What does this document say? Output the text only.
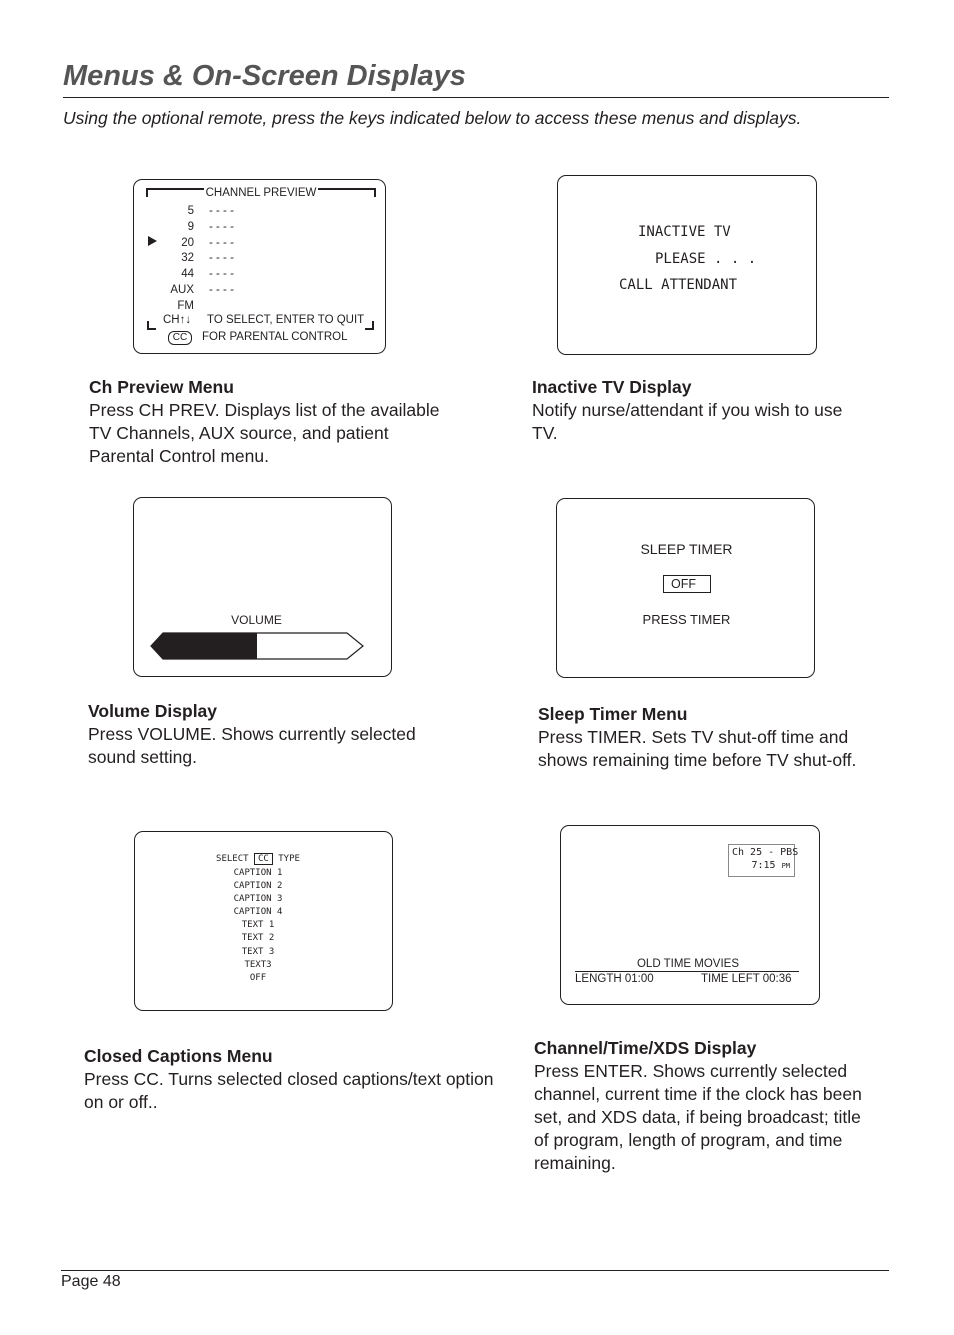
Menus & On-Screen Displays
Using the optional remote, press the keys indicated below to access these menus and displays.
CHANNEL PREVIEW
5
9
20
32
44
AUX
FM
- - - -
- - - -
- - - -
- - - -
- - - -
- - - -
CH↑↓ TO SELECT, ENTER TO QUIT
CC	FOR PARENTAL CONTROL
Ch Preview Menu
Press CH PREV. Displays list of the available
TV Channels, AUX source, and patient
Parental Control menu.
INACTIVE TV
PLEASE . . .
CALL ATTENDANT
Inactive TV Display
Notify nurse/attendant if you wish to use
TV.
VOLUME
Volume Display
Press VOLUME. Shows currently selected
sound setting.
SLEEP TIMER
OFF
PRESS TIMER
Sleep Timer Menu
Press TIMER. Sets TV shut-off time and
shows remaining time before TV shut-off.
SELECT CC TYPE
CAPTION 1
CAPTION 2
CAPTION 3
CAPTION 4
TEXT 1
TEXT 2
TEXT 3
TEXT3
OFF
Closed Captions Menu
Press CC. Turns selected closed captions/text option
on or off..
Ch 25 - PBS
7:15 PM
OLD TIME MOVIES
LENGTH 01:00	TIME LEFT 00:36
Channel/Time/XDS Display
Press ENTER. Shows currently selected
channel, current time if the clock has been
set, and XDS data, if being broadcast; title
of program, length of program, and time
remaining.
Page 48
